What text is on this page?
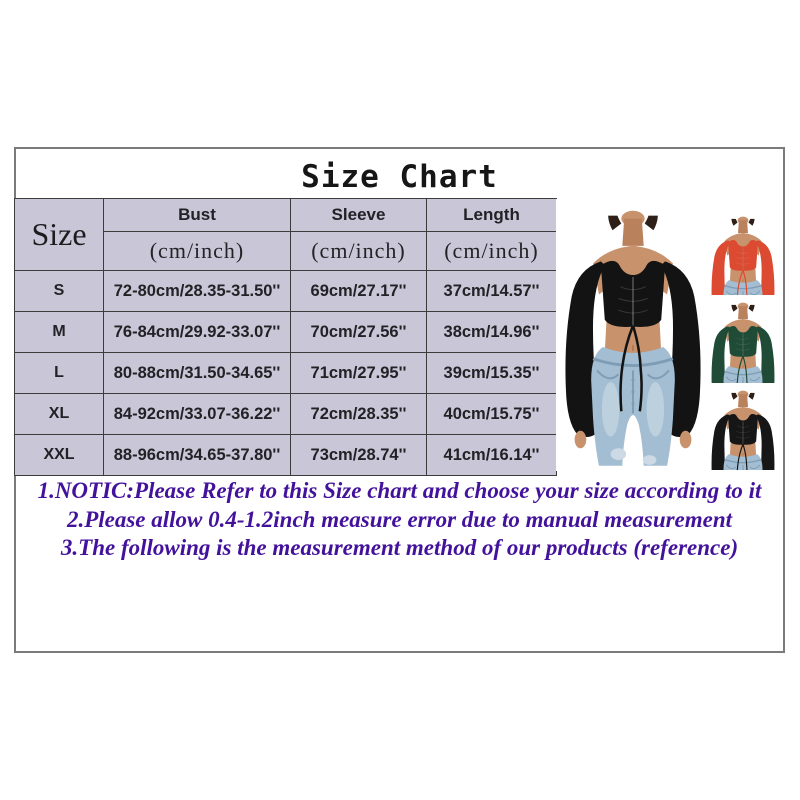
Size Chart
Size	Bust	Sleeve	Length
	(cm/inch)	(cm/inch)	(cm/inch)
S	72-80cm/28.35-31.50''	69cm/27.17''	37cm/14.57''
M	76-84cm/29.92-33.07''	70cm/27.56''	38cm/14.96''
L	80-88cm/31.50-34.65''	71cm/27.95''	39cm/15.35''
XL	84-92cm/33.07-36.22''	72cm/28.35''	40cm/15.75''
XXL	88-96cm/34.65-37.80''	73cm/28.74''	41cm/16.14''
1.NOTIC:Please Refer to this Size chart and choose your size according to it
2.Please allow 0.4-1.2inch measure error due to manual measurement
3.The following is the measurement method of our products (reference)
